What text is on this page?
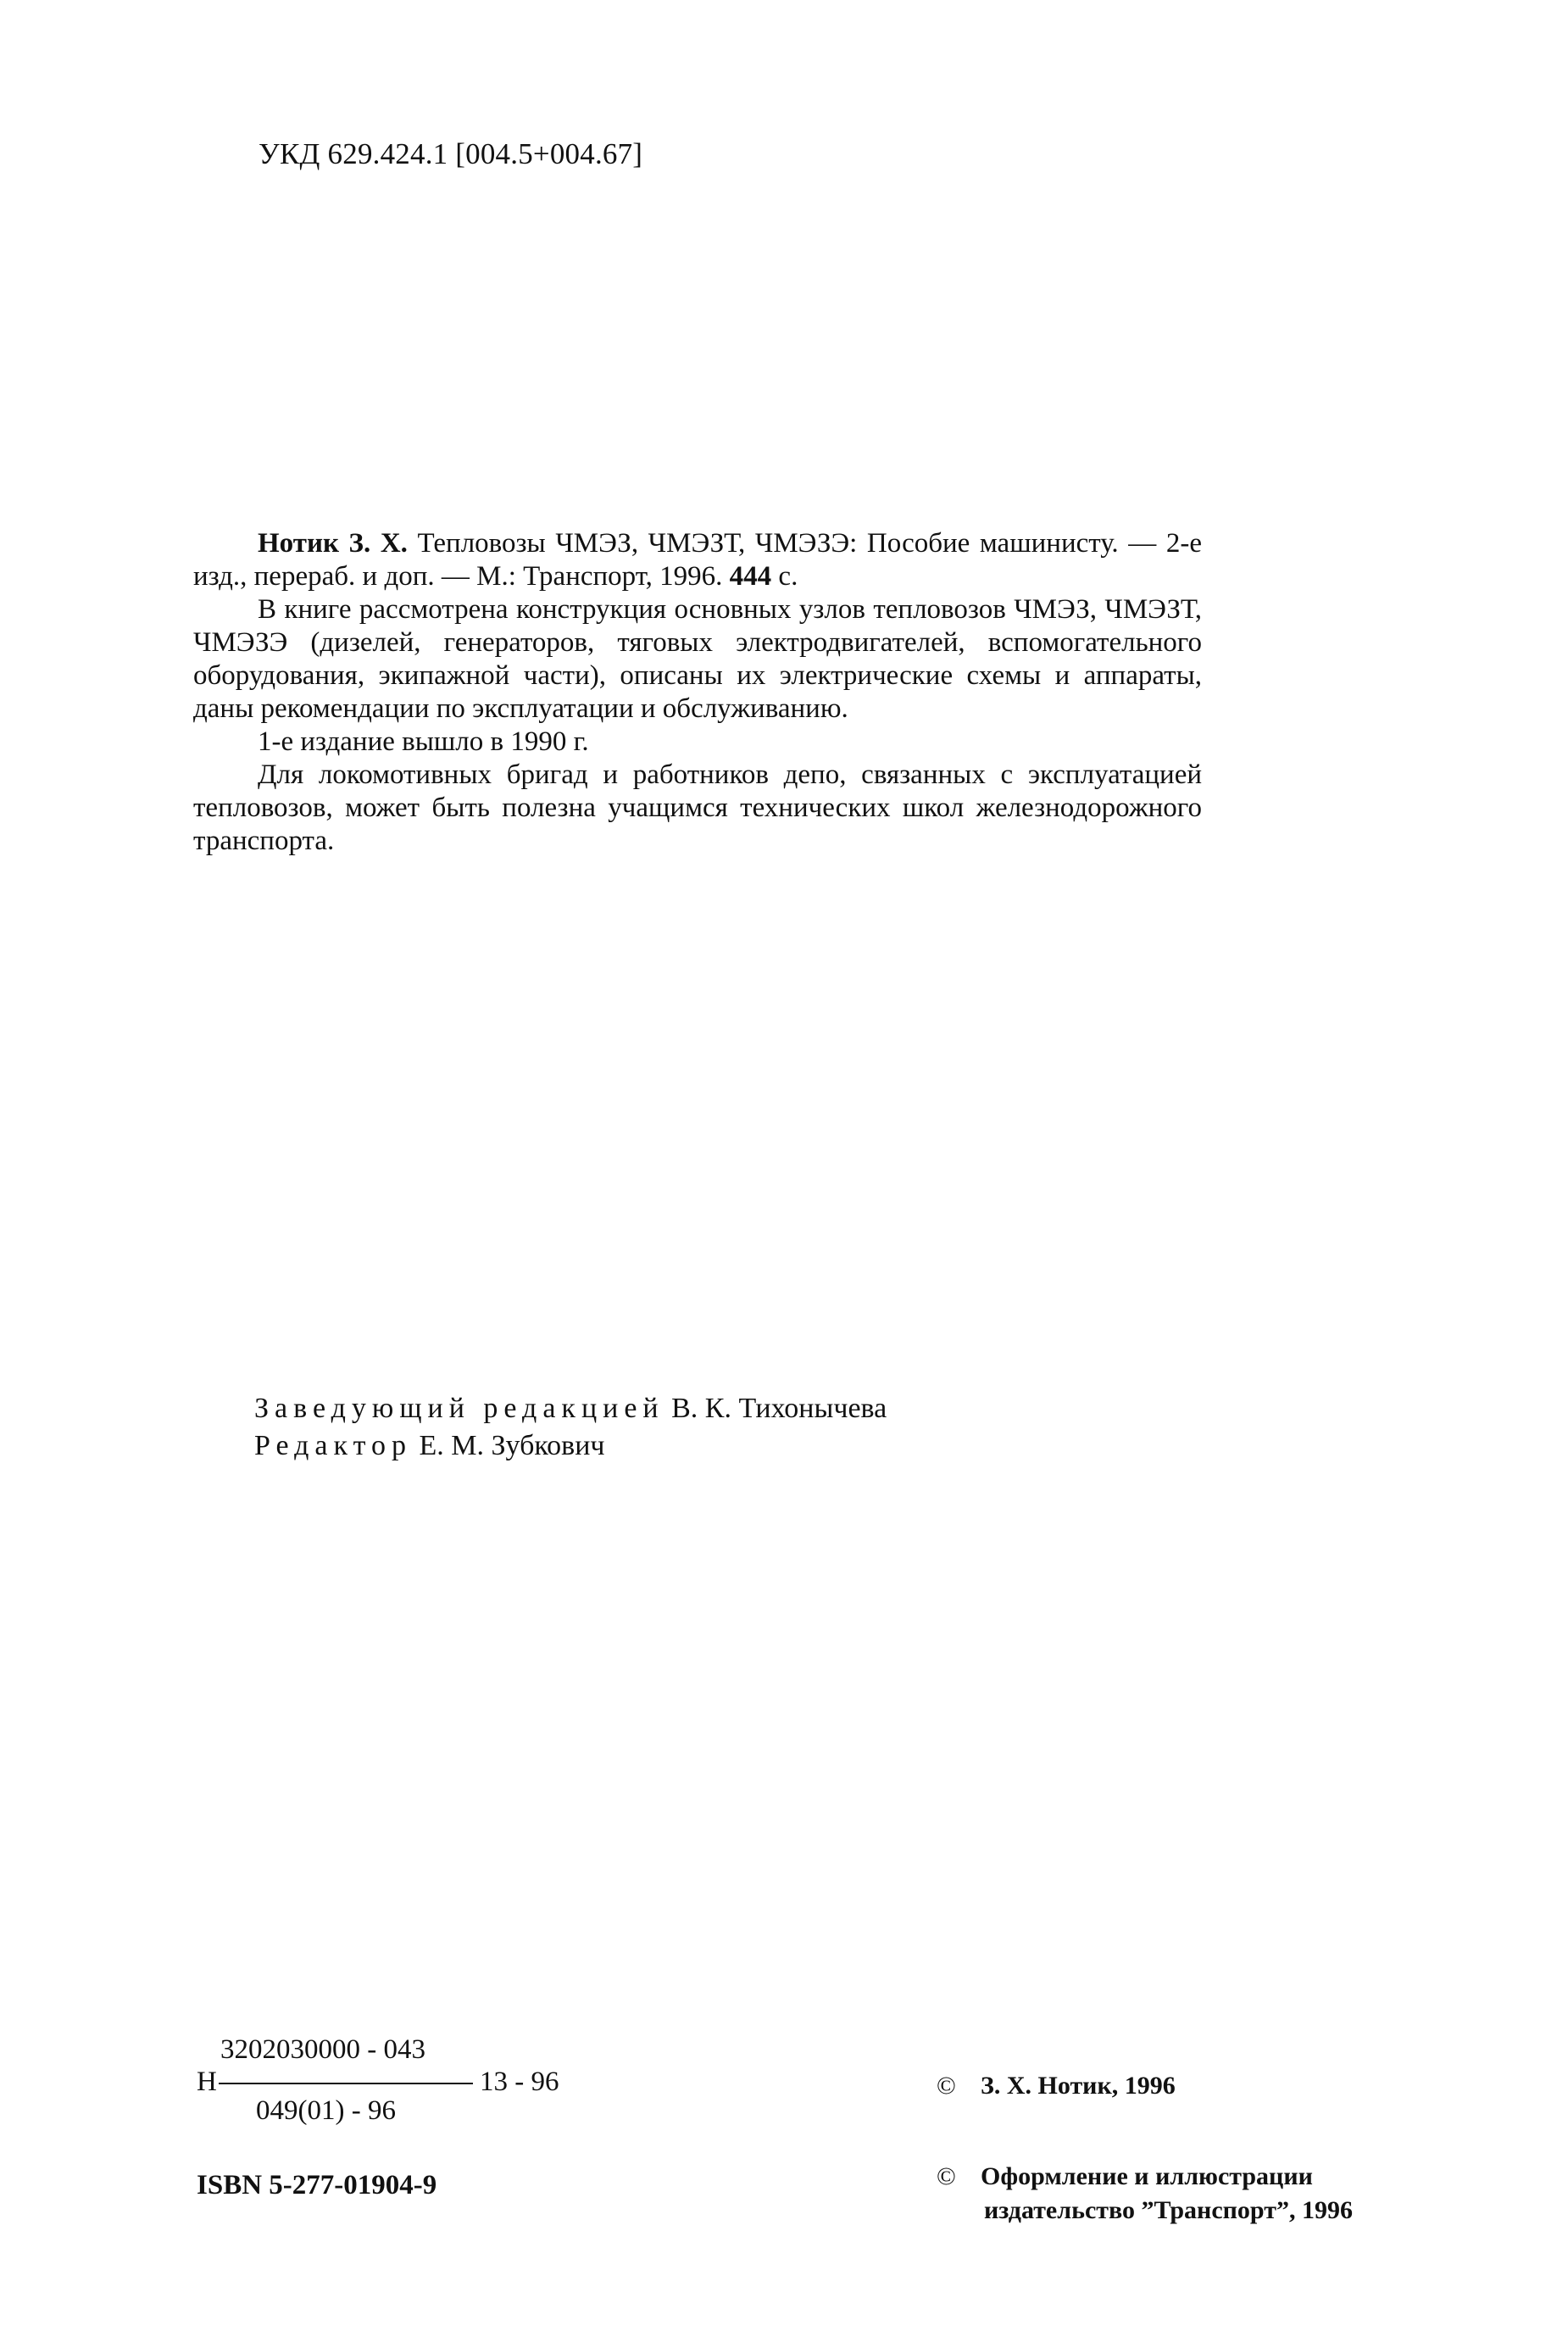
УКД 629.424.1 [004.5+004.67]

Нотик З. Х. Тепловозы ЧМЭЗ, ЧМЭЗТ, ЧМЭЗЭ: Пособие машинисту. — 2-е изд., перераб. и доп. — М.: Транспорт, 1996. 444 с.

В книге рассмотрена конструкция основных узлов тепловозов ЧМЭЗ, ЧМЭЗТ, ЧМЭЗЭ (дизелей, генераторов, тяговых электродвигателей, вспомогательного оборудования, экипажной части), описаны их электрические схемы и аппараты, даны рекомендации по эксплуатации и обслуживанию.

1-е издание вышло в 1990 г.

Для локомотивных бригад и работников депо, связанных с эксплуатацией тепловозов, может быть полезна учащимся технических школ железнодорожного транспорта.

Заведующий редакцией В. К. Тихонычева
Редактор Е. М. Зубкович
Н
3202030000 - 043
049(01) - 96
13 - 96
ISBN 5-277-01904-9
© З. Х. Нотик, 1996
© Оформление и иллюстрации
издательство ”Транспорт”, 1996
